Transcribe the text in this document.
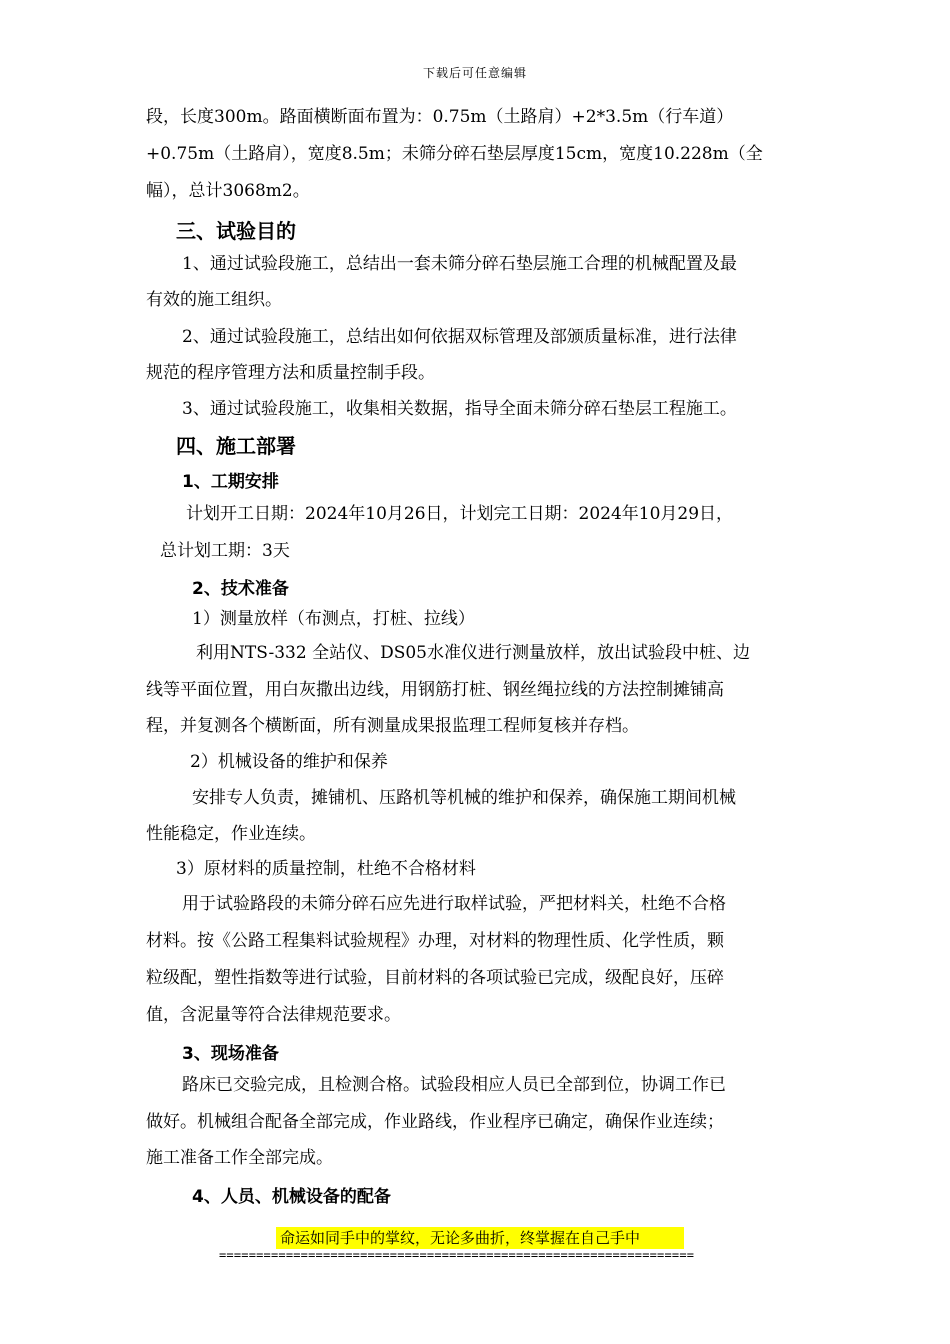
下载后可任意编辑
段，长度300m。路面横断面布置为：0.75m（土路肩）+2*3.5m（行车道）
+0.75m（土路肩），宽度8.5m；未筛分碎石垫层厚度15cm，宽度10.228m（全
幅），总计3068m2。
三、试验目的
1、通过试验段施工，总结出一套未筛分碎石垫层施工合理的机械配置及最
有效的施工组织。
2、通过试验段施工，总结出如何依据双标管理及部颁质量标准，进行法律
规范的程序管理方法和质量控制手段。
3、通过试验段施工，收集相关数据，指导全面未筛分碎石垫层工程施工。
四、施工部署
1、工期安排
计划开工日期：2024年10月26日，计划完工日期：2024年10月29日，
总计划工期：3天
2、技术准备
1）测量放样（布测点，打桩、拉线）
利用NTS-332 全站仪、DS05水准仪进行测量放样，放出试验段中桩、边
线等平面位置，用白灰撒出边线，用钢筋打桩、钢丝绳拉线的方法控制摊铺高
程，并复测各个横断面，所有测量成果报监理工程师复核并存档。
2）机械设备的维护和保养
安排专人负责，摊铺机、压路机等机械的维护和保养，确保施工期间机械
性能稳定，作业连续。
3）原材料的质量控制，杜绝不合格材料
用于试验路段的未筛分碎石应先进行取样试验，严把材料关，杜绝不合格
材料。按《公路工程集料试验规程》办理，对材料的物理性质、化学性质，颗
粒级配，塑性指数等进行试验，目前材料的各项试验已完成，级配良好，压碎
值，含泥量等符合法律规范要求。
3、现场准备
路床已交验完成，且检测合格。试验段相应人员已全部到位，协调工作已
做好。机械组合配备全部完成，作业路线，作业程序已确定，确保作业连续；
施工准备工作全部完成。
4、人员、机械设备的配备
命运如同手中的掌纹，无论多曲折，终掌握在自己手中
================================================================
